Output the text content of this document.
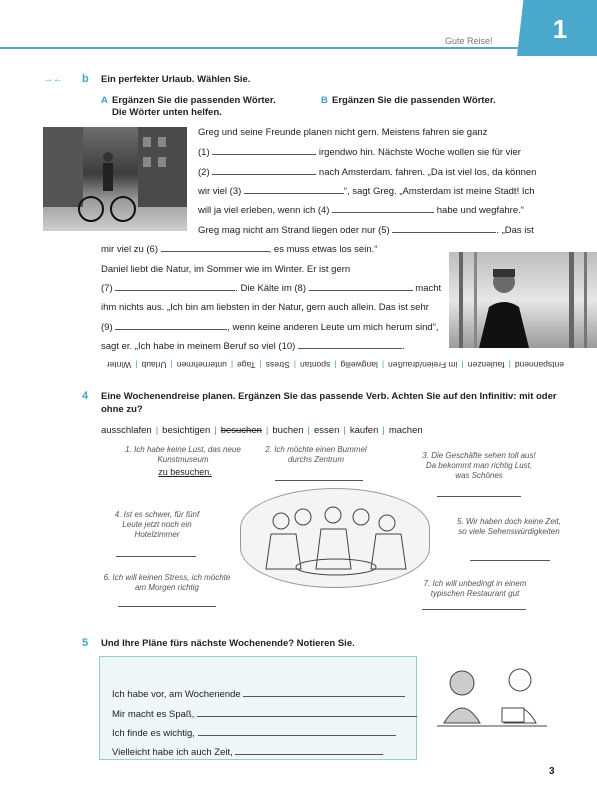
1
Gute Reise!
→← b Ein perfekter Urlaub. Wählen Sie.
A Ergänzen Sie die passenden Wörter.
Die Wörter unten helfen.
B Ergänzen Sie die passenden Wörter.
Greg und seine Freunde planen nicht gern. Meistens fahren sie ganz
(1)	irgendwo hin. Nächste Woche wollen sie für vier
(2)	nach Amsterdam. fahren. „Da ist viel los, da können
wir viel (3)	“, sagt Greg. „Amsterdam ist meine Stadt! Ich
will ja viel erleben, wenn ich (4)	habe und wegfahre.“
Greg mag nicht am Strand liegen oder nur (5)	. „Das ist
mir viel zu (6)	, es muss etwas los sein.“
Daniel liebt die Natur, im Sommer wie im Winter. Er ist gern
(7)	. Die Kälte im (8)	macht
ihm nichts aus. „Ich bin am liebsten in der Natur, gern auch allein. Das ist sehr
(9)	, wenn keine anderen Leute um mich herum sind“,
sagt er. „Ich habe in meinem Beruf so viel (10)	.
entspannend
|
faulenzen
|
im Freien/draußen
|
langweilig
|
spontan
|
Stress
|
Tage
|
unternehmen
|
Urlaub
|
Winter
4 Eine Wochenendreise planen. Ergänzen Sie das passende Verb. Achten Sie auf den Infinitiv: mit oder
ohne zu?
ausschlafen | besichtigen | besuchen | buchen | essen | kaufen | machen
1. Ich habe keine Lust, das neue Kunstmuseum
zu besuchen.
2. Ich möchte einen Bummel durchs Zentrum	3. Die Geschäfte sehen toll aus! Da bekommt man richtig Lust, was Schönes
4. Ist es schwer, für fünf Leute jetzt noch ein Hotelzimmer
5. Wir haben doch keine Zeit, so viele Sehenswürdigkeiten
6. Ich will keinen Stress, ich möchte am Morgen richtig	7. Ich will unbedingt in einem typischen Restaurant gut
5 Und Ihre Pläne fürs nächste Wochenende? Notieren Sie.
Ich habe vor, am Wochenende
Mir macht es Spaß,
Ich finde es wichtig,
Vielleicht habe ich auch Zeit,
3
